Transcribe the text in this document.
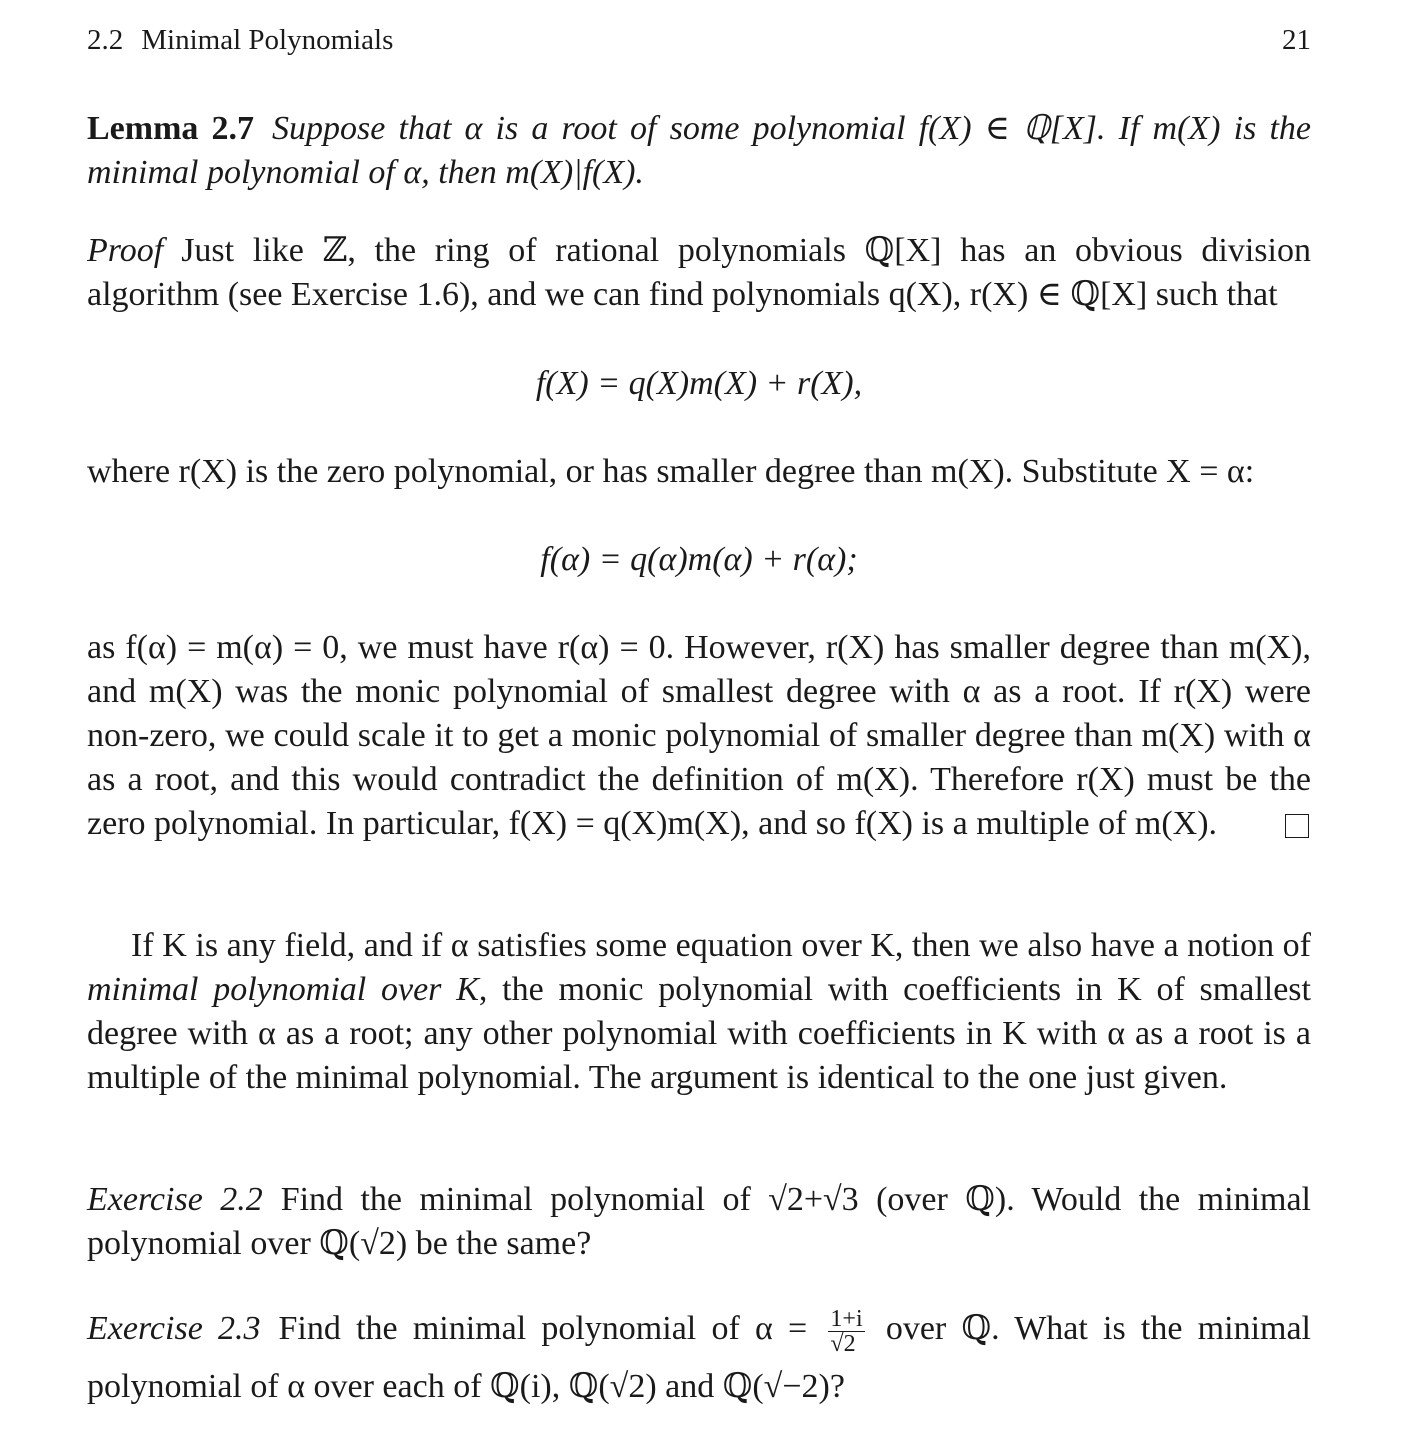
2.2 Minimal Polynomials	21
Lemma 2.7 Suppose that α is a root of some polynomial f(X) ∈ ℚ[X]. If m(X) is the minimal polynomial of α, then m(X)|f(X).
Proof Just like ℤ, the ring of rational polynomials ℚ[X] has an obvious division algorithm (see Exercise 1.6), and we can find polynomials q(X), r(X) ∈ ℚ[X] such that
f(X) = q(X)m(X) + r(X),
where r(X) is the zero polynomial, or has smaller degree than m(X). Substitute X = α:
f(α) = q(α)m(α) + r(α);
as f(α) = m(α) = 0, we must have r(α) = 0. However, r(X) has smaller degree than m(X), and m(X) was the monic polynomial of smallest degree with α as a root. If r(X) were non-zero, we could scale it to get a monic polynomial of smaller degree than m(X) with α as a root, and this would contradict the definition of m(X). Therefore r(X) must be the zero polynomial. In particular, f(X) = q(X)m(X), and so f(X) is a multiple of m(X).
If K is any field, and if α satisfies some equation over K, then we also have a notion of minimal polynomial over K, the monic polynomial with coefficients in K of smallest degree with α as a root; any other polynomial with coefficients in K with α as a root is a multiple of the minimal polynomial. The argument is identical to the one just given.
Exercise 2.2 Find the minimal polynomial of √2+√3 (over ℚ). Would the minimal polynomial over ℚ(√2) be the same?
Exercise 2.3 Find the minimal polynomial of $\alpha = \frac{1+i}{√2}$ over ℚ. What is the minimal polynomial of α over each of ℚ(i), ℚ(√2) and ℚ(√−2)?
